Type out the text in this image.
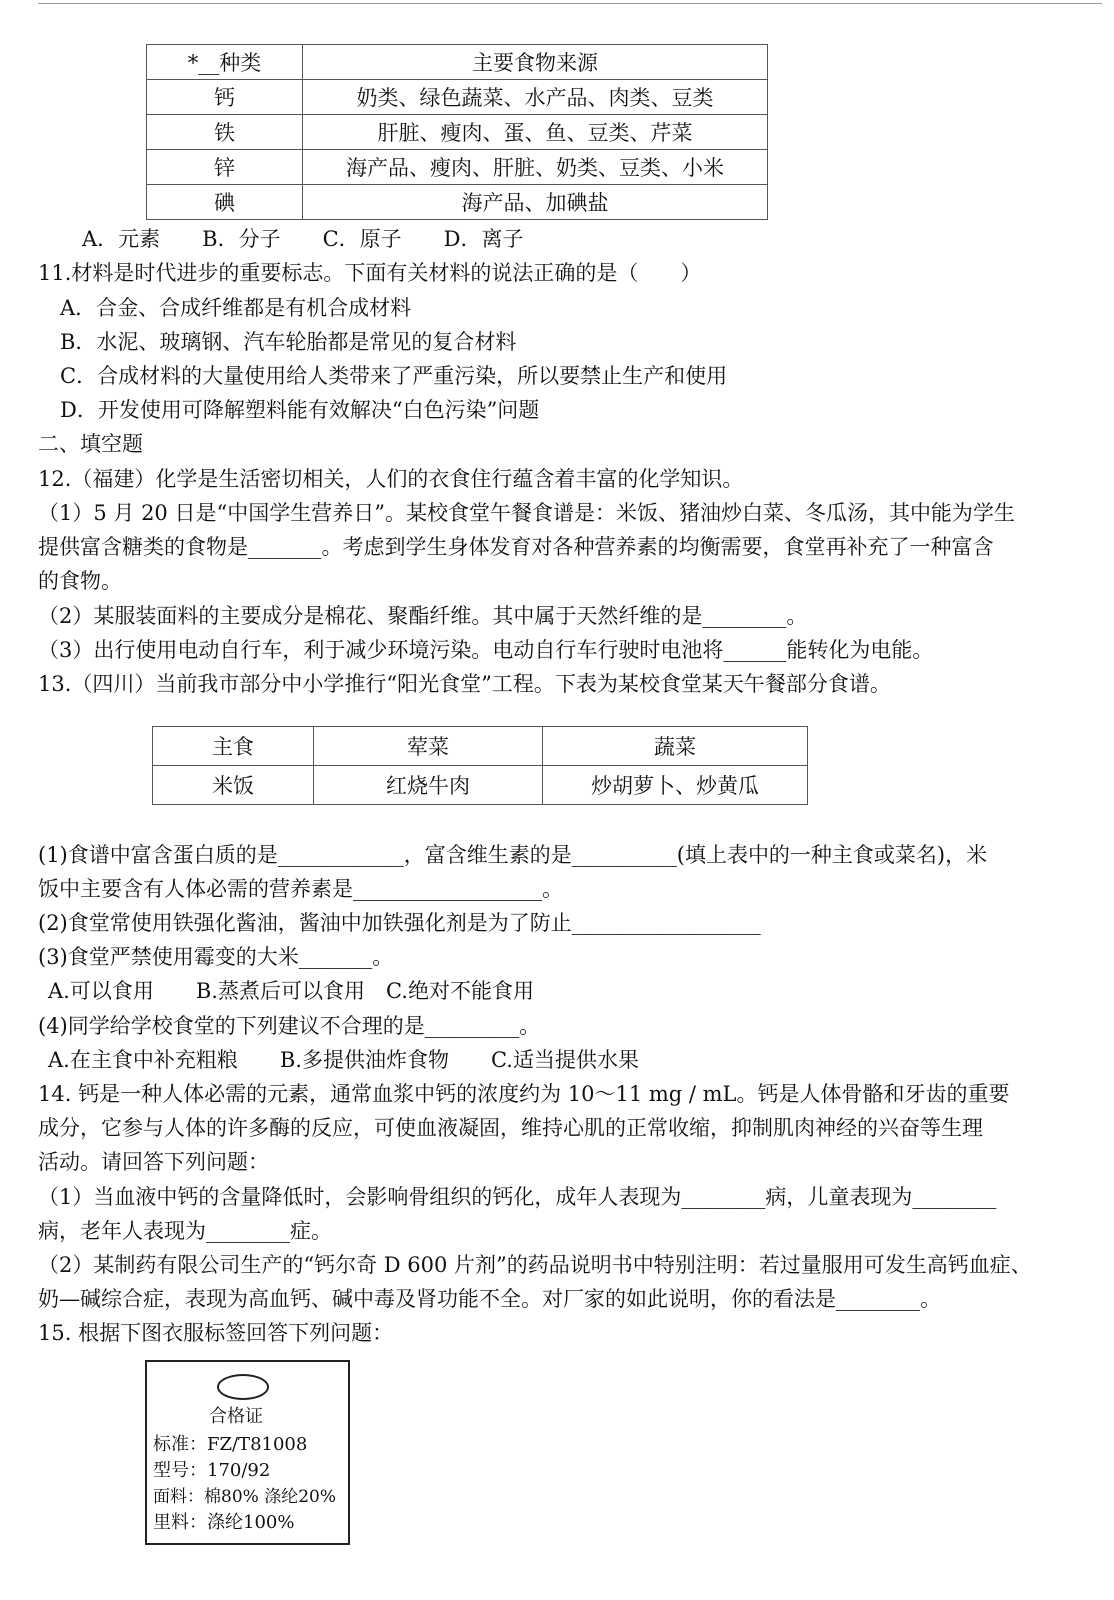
*__种类	主要食物来源
钙	奶类、绿色蔬菜、水产品、肉类、豆类
铁	肝脏、瘦肉、蛋、鱼、豆类、芹菜
锌	海产品、瘦肉、肝脏、奶类、豆类、小米
碘	海产品、加碘盐
A．元素　　B．分子　　C．原子　　D．离子
11.材料是时代进步的重要标志。下面有关材料的说法正确的是（　　）
A．合金、合成纤维都是有机合成材料
B．水泥、玻璃钢、汽车轮胎都是常见的复合材料
C．合成材料的大量使用给人类带来了严重污染，所以要禁止生产和使用
D．开发使用可降解塑料能有效解决“白色污染”问题
二、填空题
12.（福建）化学是生活密切相关，人们的衣食住行蕴含着丰富的化学知识。
（1）5 月 20 日是“中国学生营养日”。某校食堂午餐食谱是：米饭、猪油炒白菜、冬瓜汤，其中能为学生
提供富含糖类的食物是_______。考虑到学生身体发育对各种营养素的均衡需要，食堂再补充了一种富含
的食物。
（2）某服装面料的主要成分是棉花、聚酯纤维。其中属于天然纤维的是________。
（3）出行使用电动自行车，利于减少环境污染。电动自行车行驶时电池将______能转化为电能。
13.（四川）当前我市部分中小学推行“阳光食堂”工程。下表为某校食堂某天午餐部分食谱。
主食	荤菜	蔬菜
米饭	红烧牛肉	炒胡萝卜、炒黄瓜
(1)食谱中富含蛋白质的是____________，富含维生素的是__________(填上表中的一种主食或菜名)，米
饭中主要含有人体必需的营养素是__________________。
(2)食堂常使用铁强化酱油，酱油中加铁强化剂是为了防止__________________
(3)食堂严禁使用霉变的大米_______。
A.可以食用　　B.蒸煮后可以食用　C.绝对不能食用
(4)同学给学校食堂的下列建议不合理的是_________。
A.在主食中补充粗粮　　B.多提供油炸食物　　C.适当提供水果
14. 钙是一种人体必需的元素，通常血浆中钙的浓度约为 10～11 mg / mL。钙是人体骨骼和牙齿的重要
成分，它参与人体的许多酶的反应，可使血液凝固，维持心肌的正常收缩，抑制肌肉神经的兴奋等生理
活动。请回答下列问题：
（1）当血液中钙的含量降低时，会影响骨组织的钙化，成年人表现为________病，儿童表现为________
病，老年人表现为________症。
（2）某制药有限公司生产的“钙尔奇 D 600 片剂”的药品说明书中特别注明：若过量服用可发生高钙血症、
奶—碱综合症，表现为高血钙、碱中毒及肾功能不全。对厂家的如此说明，你的看法是________。
15. 根据下图衣服标签回答下列问题：
合格证
标准：FZ/T81008
型号：170/92
面料：棉80% 涤纶20%
里料：涤纶100%
